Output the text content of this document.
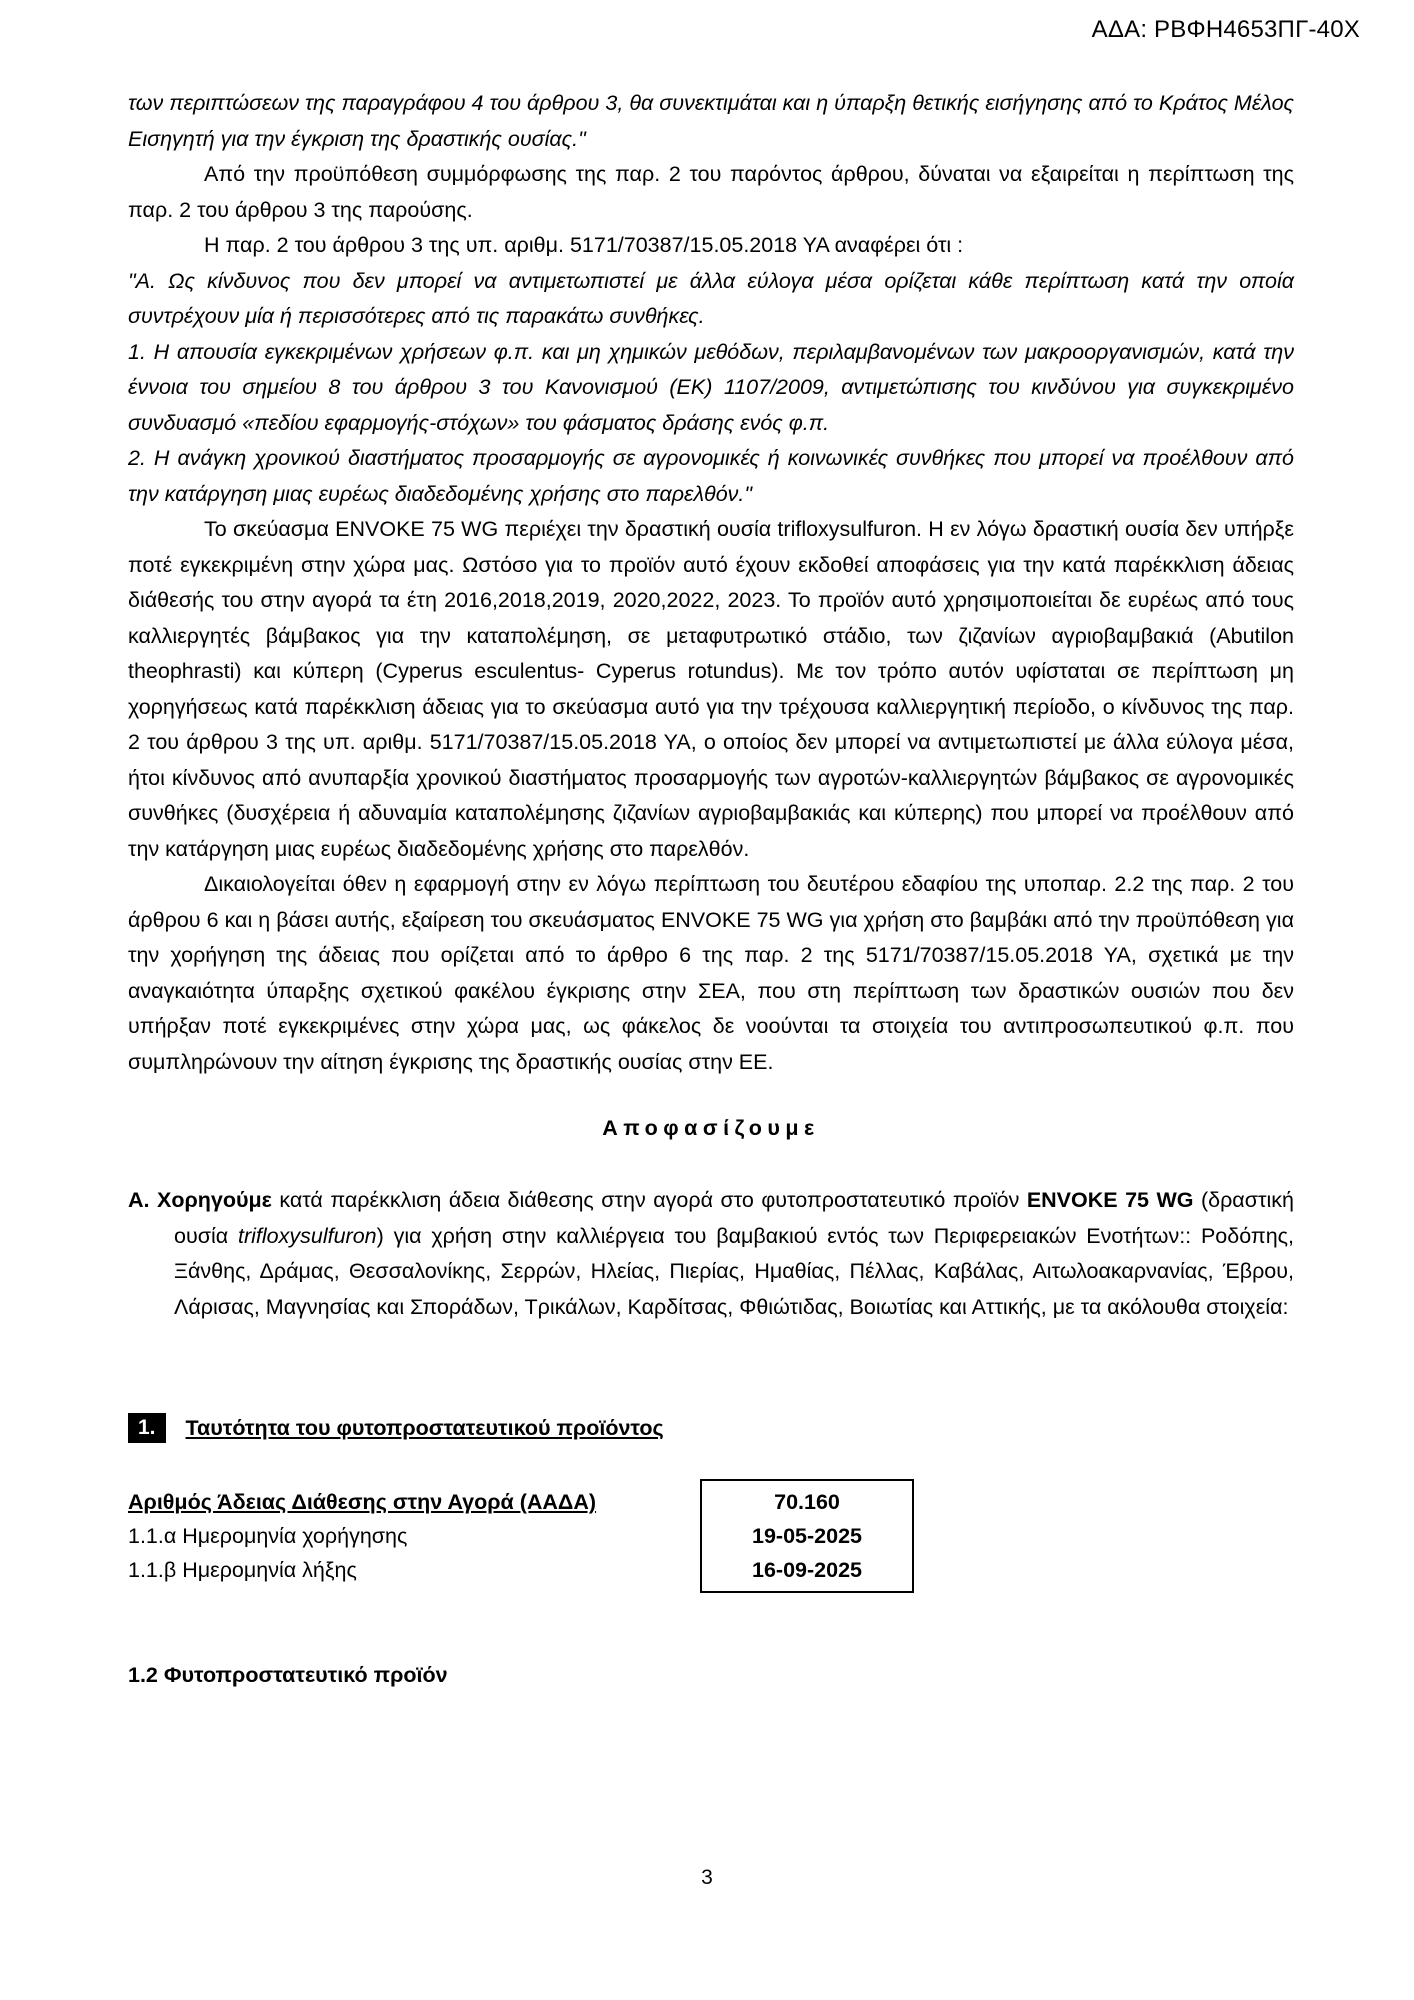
ΑΔΑ: ΡΒΦΗ4653ΠΓ-40Χ

των περιπτώσεων της παραγράφου 4 του άρθρου 3, θα συνεκτιμάται και η ύπαρξη θετικής εισήγησης από το Κράτος Μέλος Εισηγητή για την έγκριση της δραστικής ουσίας."

Από την προϋπόθεση συμμόρφωσης της παρ. 2 του παρόντος άρθρου, δύναται να εξαιρείται η περίπτωση της παρ. 2 του άρθρου 3 της παρούσης.

Η παρ. 2 του άρθρου 3 της υπ. αριθμ. 5171/70387/15.05.2018 ΥΑ αναφέρει ότι :

"Α. Ως κίνδυνος που δεν μπορεί να αντιμετωπιστεί με άλλα εύλογα μέσα ορίζεται κάθε περίπτωση κατά την οποία συντρέχουν μία ή περισσότερες από τις παρακάτω συνθήκες.

1. Η απουσία εγκεκριμένων χρήσεων φ.π. και μη χημικών μεθόδων, περιλαμβανομένων των μακροοργανισμών, κατά την έννοια του σημείου 8 του άρθρου 3 του Κανονισμού (ΕΚ) 1107/2009, αντιμετώπισης του κινδύνου για συγκεκριμένο συνδυασμό «πεδίου εφαρμογής-στόχων» του φάσματος δράσης ενός φ.π.

2. Η ανάγκη χρονικού διαστήματος προσαρμογής σε αγρονομικές ή κοινωνικές συνθήκες που μπορεί να προέλθουν από την κατάργηση μιας ευρέως διαδεδομένης χρήσης στο παρελθόν."

Το σκεύασμα ENVOKE 75 WG περιέχει την δραστική ουσία trifloxysulfuron. Η εν λόγω δραστική ουσία δεν υπήρξε ποτέ εγκεκριμένη στην χώρα μας. Ωστόσο για το προϊόν αυτό έχουν εκδοθεί αποφάσεις για την κατά παρέκκλιση άδειας διάθεσής του στην αγορά τα έτη 2016,2018,2019, 2020,2022, 2023. Το προϊόν αυτό χρησιμοποιείται δε ευρέως από τους καλλιεργητές βάμβακος για την καταπολέμηση, σε μεταφυτρωτικό στάδιο, των ζιζανίων αγριοβαμβακιά (Abutilon theophrasti) και κύπερη (Cyperus esculentus- Cyperus rotundus). Με τον τρόπο αυτόν υφίσταται σε περίπτωση μη χορηγήσεως κατά παρέκκλιση άδειας για το σκεύασμα αυτό για την τρέχουσα καλλιεργητική περίοδο, ο κίνδυνος της παρ. 2 του άρθρου 3 της υπ. αριθμ. 5171/70387/15.05.2018 ΥΑ, ο οποίος δεν μπορεί να αντιμετωπιστεί με άλλα εύλογα μέσα, ήτοι κίνδυνος από ανυπαρξία χρονικού διαστήματος προσαρμογής των αγροτών-καλλιεργητών βάμβακος σε αγρονομικές συνθήκες (δυσχέρεια ή αδυναμία καταπολέμησης ζιζανίων αγριοβαμβακιάς και κύπερης) που μπορεί να προέλθουν από την κατάργηση μιας ευρέως διαδεδομένης χρήσης στο παρελθόν.

Δικαιολογείται όθεν η εφαρμογή στην εν λόγω περίπτωση του δευτέρου εδαφίου της υποπαρ. 2.2 της παρ. 2 του άρθρου 6 και η βάσει αυτής, εξαίρεση του σκευάσματος ENVOKE 75 WG για χρήση στο βαμβάκι από την προϋπόθεση για την χορήγηση της άδειας που ορίζεται από το άρθρο 6 της παρ. 2 της 5171/70387/15.05.2018 ΥΑ, σχετικά με την αναγκαιότητα ύπαρξης σχετικού φακέλου έγκρισης στην ΣΕΑ, που στη περίπτωση των δραστικών ουσιών που δεν υπήρξαν ποτέ εγκεκριμένες στην χώρα μας, ως φάκελος δε νοούνται τα στοιχεία του αντιπροσωπευτικού φ.π. που συμπληρώνουν την αίτηση έγκρισης της δραστικής ουσίας στην ΕΕ.

Αποφασίζουμε

Α. Χορηγούμε κατά παρέκκλιση άδεια διάθεσης στην αγορά στο φυτοπροστατευτικό προϊόν ENVOKE 75 WG (δραστική ουσία trifloxysulfuron) για χρήση στην καλλιέργεια του βαμβακιού εντός των Περιφερειακών Ενοτήτων:: Ροδόπης, Ξάνθης, Δράμας, Θεσσαλονίκης, Σερρών, Ηλείας, Πιερίας, Ημαθίας, Πέλλας, Καβάλας, Αιτωλοακαρνανίας, Έβρου, Λάρισας, Μαγνησίας και Σποράδων, Τρικάλων, Καρδίτσας, Φθιώτιδας, Βοιωτίας και Αττικής, με τα ακόλουθα στοιχεία:

1.	Ταυτότητα του φυτοπροστατευτικού προϊόντος
Αριθμός Άδειας Διάθεσης στην Αγορά (ΑΑΔΑ)
1.1.α Ημερομηνία χορήγησης
1.1.β Ημερομηνία λήξης
70.160
19-05-2025
16-09-2025
1.2 Φυτοπροστατευτικό προϊόν
3
